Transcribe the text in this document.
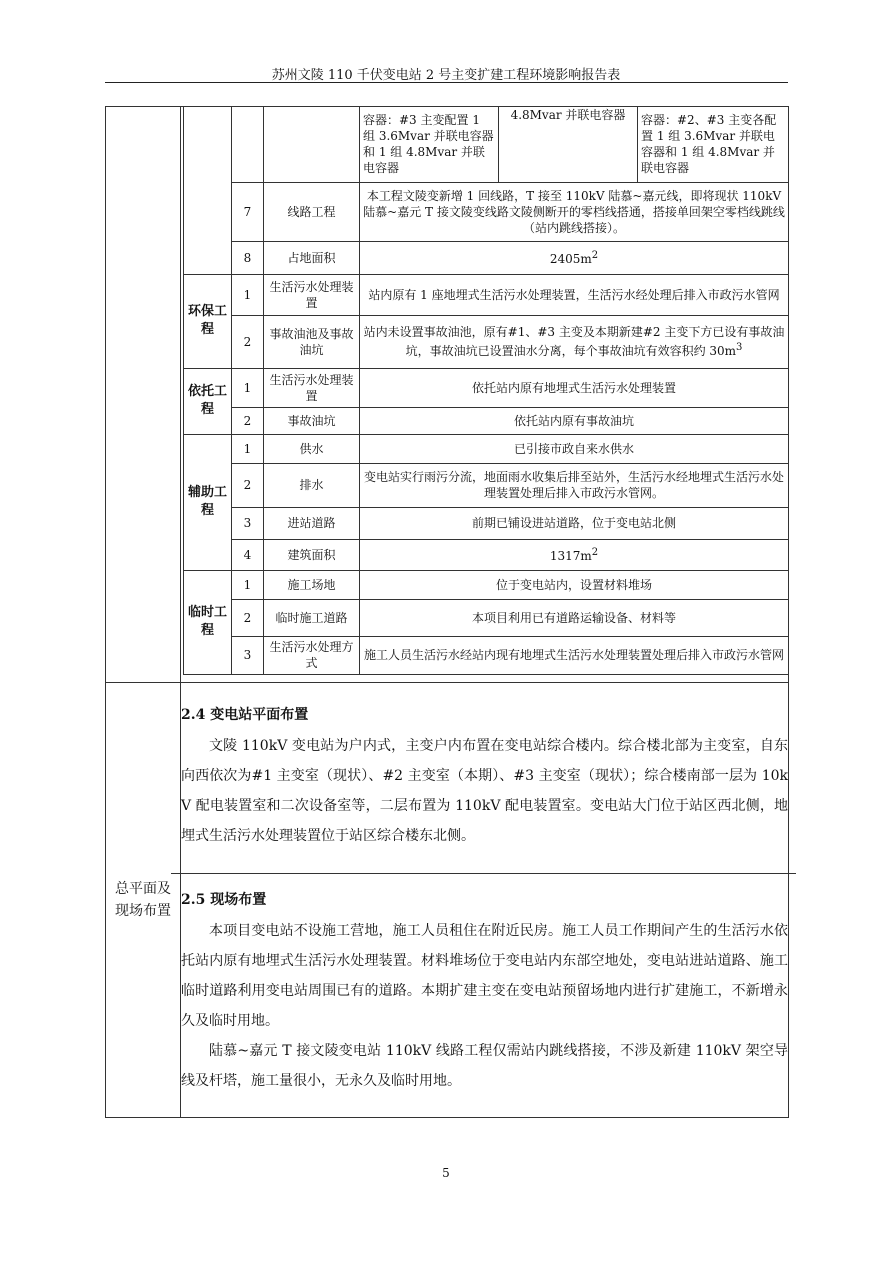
苏州文陵 110 千伏变电站 2 号主变扩建工程环境影响报告表

			容器：#3 主变配置 1 组 3.6Mvar 并联电容器和 1 组 4.8Mvar 并联电容器	4.8Mvar 并联电容器	容器：#2、#3 主变各配置 1 组 3.6Mvar 并联电容器和 1 组 4.8Mvar 并联电容器
7	线路工程	本工程文陵变新增 1 回线路，T 接至 110kV 陆慕~嘉元线，即将现状 110kV 陆慕~嘉元 T 接文陵变线路文陵侧断开的零档线搭通，搭接单回架空零档线跳线（站内跳线搭接）。
8	占地面积	$2405m^2$
环保工程	1	生活污水处理装置	站内原有 1 座地埋式生活污水处理装置，生活污水经处理后排入市政污水管网
2	事故油池及事故油坑	站内未设置事故油池，原有#1、#3 主变及本期新建#2 主变下方已设有事故油坑，事故油坑已设置油水分离，每个事故油坑有效容积约 $30m^3$
依托工程	1	生活污水处理装置	依托站内原有地埋式生活污水处理装置
2	事故油坑	依托站内原有事故油坑
辅助工程	1	供水	已引接市政自来水供水
2	排水	变电站实行雨污分流，地面雨水收集后排至站外，生活污水经地埋式生活污水处理装置处理后排入市政污水管网。
3	进站道路	前期已铺设进站道路，位于变电站北侧
4	建筑面积	$1317m^2$
临时工程	1	施工场地	位于变电站内，设置材料堆场
2	临时施工道路	本项目利用已有道路运输设备、材料等
3	生活污水处理方式	施工人员生活污水经站内现有地埋式生活污水处理装置处理后排入市政污水管网

总平面及现场布置

2.4 变电站平面布置

文陵 110kV 变电站为户内式，主变户内布置在变电站综合楼内。综合楼北部为主变室，自东向西依次为#1 主变室（现状）、#2 主变室（本期）、#3 主变室（现状）；综合楼南部一层为 10kV 配电装置室和二次设备室等，二层布置为 110kV 配电装置室。变电站大门位于站区西北侧，地埋式生活污水处理装置位于站区综合楼东北侧。

2.5 现场布置

本项目变电站不设施工营地，施工人员租住在附近民房。施工人员工作期间产生的生活污水依托站内原有地埋式生活污水处理装置。材料堆场位于变电站内东部空地处，变电站进站道路、施工临时道路利用变电站周围已有的道路。本期扩建主变在变电站预留场地内进行扩建施工，不新增永久及临时用地。

陆慕~嘉元 T 接文陵变电站 110kV 线路工程仅需站内跳线搭接，不涉及新建 110kV 架空导线及杆塔，施工量很小，无永久及临时用地。

5
